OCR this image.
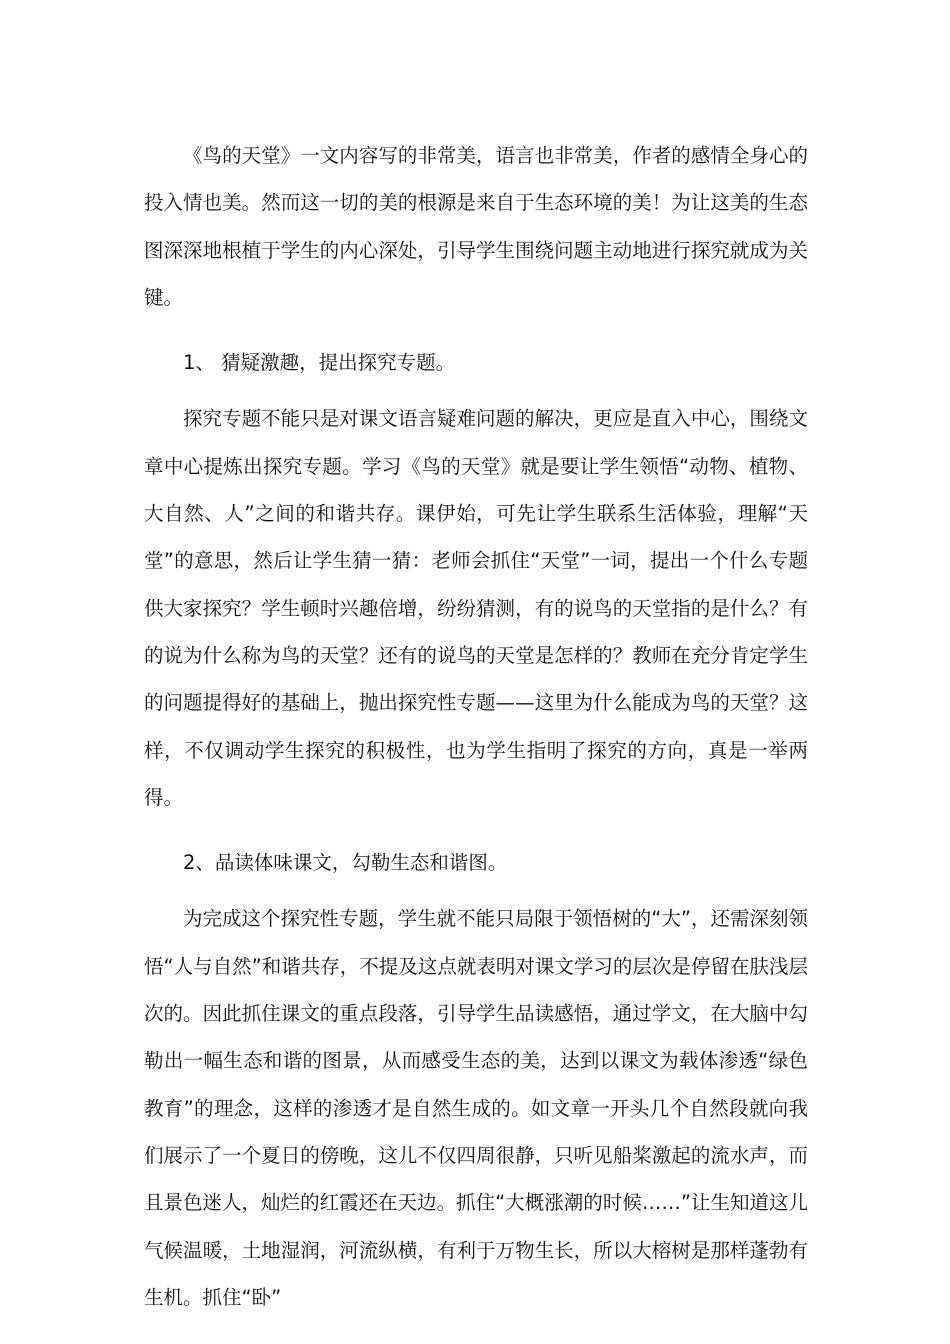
《鸟的天堂》一文内容写的非常美，语言也非常美，作者的感情全身心的投入情也美。然而这一切的美的根源是来自于生态环境的美！为让这美的生态图深深地根植于学生的内心深处，引导学生围绕问题主动地进行探究就成为关键。

1、 猜疑激趣，提出探究专题。

探究专题不能只是对课文语言疑难问题的解决，更应是直入中心，围绕文章中心提炼出探究专题。学习《鸟的天堂》就是要让学生领悟“动物、植物、大自然、人”之间的和谐共存。课伊始，可先让学生联系生活体验，理解“天堂”的意思，然后让学生猜一猜：老师会抓住“天堂”一词，提出一个什么专题供大家探究？学生顿时兴趣倍增，纷纷猜测，有的说鸟的天堂指的是什么？有的说为什么称为鸟的天堂？还有的说鸟的天堂是怎样的？教师在充分肯定学生的问题提得好的基础上，抛出探究性专题——这里为什么能成为鸟的天堂？这样，不仅调动学生探究的积极性，也为学生指明了探究的方向，真是一举两得。

2、品读体味课文，勾勒生态和谐图。

为完成这个探究性专题，学生就不能只局限于领悟树的“大”，还需深刻领悟“人与自然”和谐共存，不提及这点就表明对课文学习的层次是停留在肤浅层次的。因此抓住课文的重点段落，引导学生品读感悟，通过学文，在大脑中勾勒出一幅生态和谐的图景，从而感受生态的美，达到以课文为载体渗透“绿色教育”的理念，这样的渗透才是自然生成的。如文章一开头几个自然段就向我们展示了一个夏日的傍晚，这儿不仅四周很静，只听见船桨激起的流水声，而且景色迷人，灿烂的红霞还在天边。抓住“大概涨潮的时候……”让生知道这儿气候温暖，土地湿润，河流纵横，有利于万物生长，所以大榕树是那样蓬勃有生机。抓住“卧”
